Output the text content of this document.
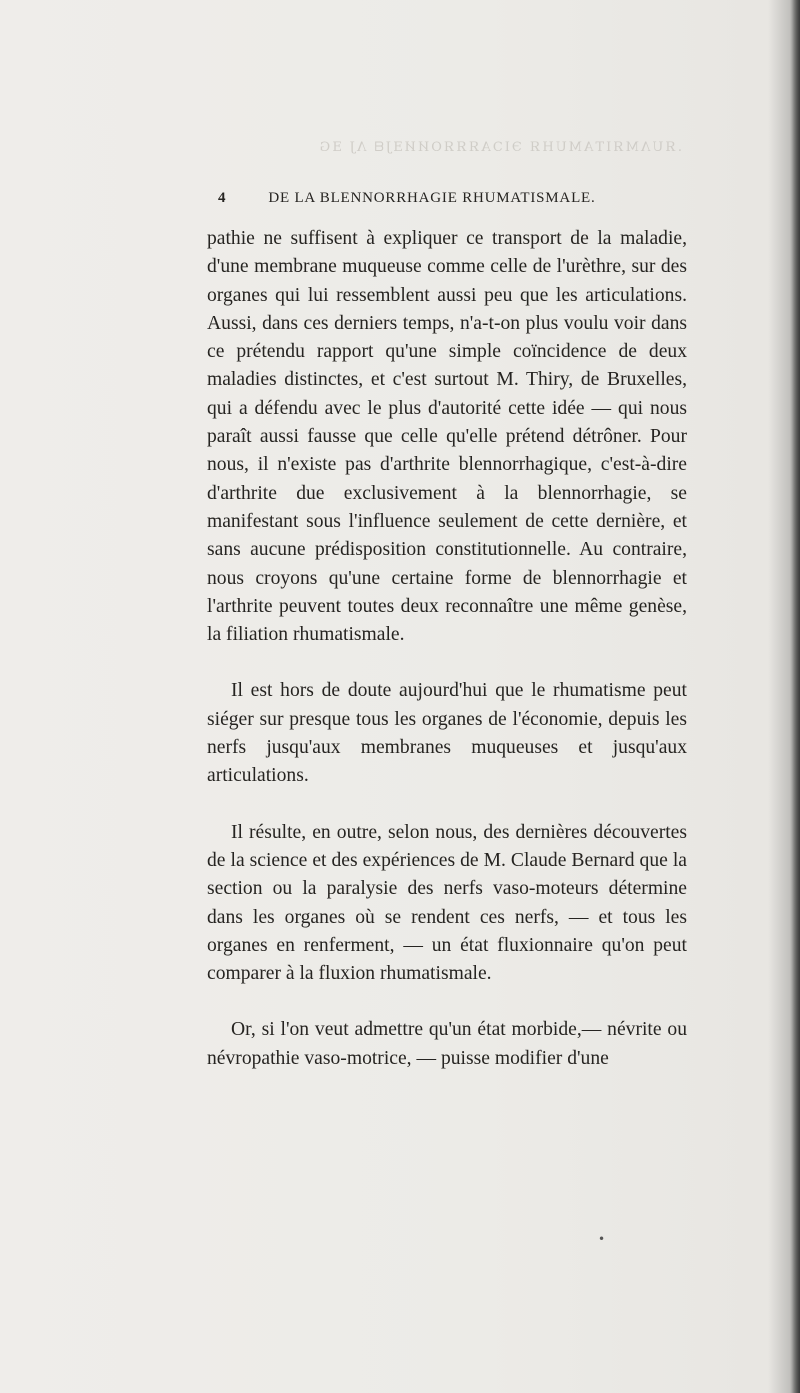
.ЯUΛМЯIТAМUНЯ ЭIϽAЯЯЯОИИƎJᗺ ΛJ ƎG
4	DE LA BLENNORRHAGIE RHUMATISMALE.

pathie ne suffisent à expliquer ce transport de la maladie, d'une membrane muqueuse comme celle de l'urèthre, sur des organes qui lui ressemblent aussi peu que les articulations. Aussi, dans ces derniers temps, n'a-t-on plus voulu voir dans ce prétendu rapport qu'une simple coïncidence de deux maladies distinctes, et c'est surtout M. Thiry, de Bruxelles, qui a défendu avec le plus d'autorité cette idée — qui nous paraît aussi fausse que celle qu'elle prétend détrôner. Pour nous, il n'existe pas d'arthrite blennorrhagique, c'est-à-dire d'arthrite due exclusivement à la blennorrhagie, se manifestant sous l'influence seulement de cette dernière, et sans aucune prédisposition constitutionnelle. Au contraire, nous croyons qu'une certaine forme de blennorrhagie et l'arthrite peuvent toutes deux reconnaître une même genèse, la filiation rhumatismale.

Il est hors de doute aujourd'hui que le rhumatisme peut siéger sur presque tous les organes de l'économie, depuis les nerfs jusqu'aux membranes muqueuses et jusqu'aux articulations.

Il résulte, en outre, selon nous, des dernières découvertes de la science et des expériences de M. Claude Bernard que la section ou la paralysie des nerfs vaso-moteurs détermine dans les organes où se rendent ces nerfs, — et tous les organes en renferment, — un état fluxionnaire qu'on peut comparer à la fluxion rhumatismale.

Or, si l'on veut admettre qu'un état morbide,— névrite ou névropathie vaso-motrice, — puisse modifier d'une

•
